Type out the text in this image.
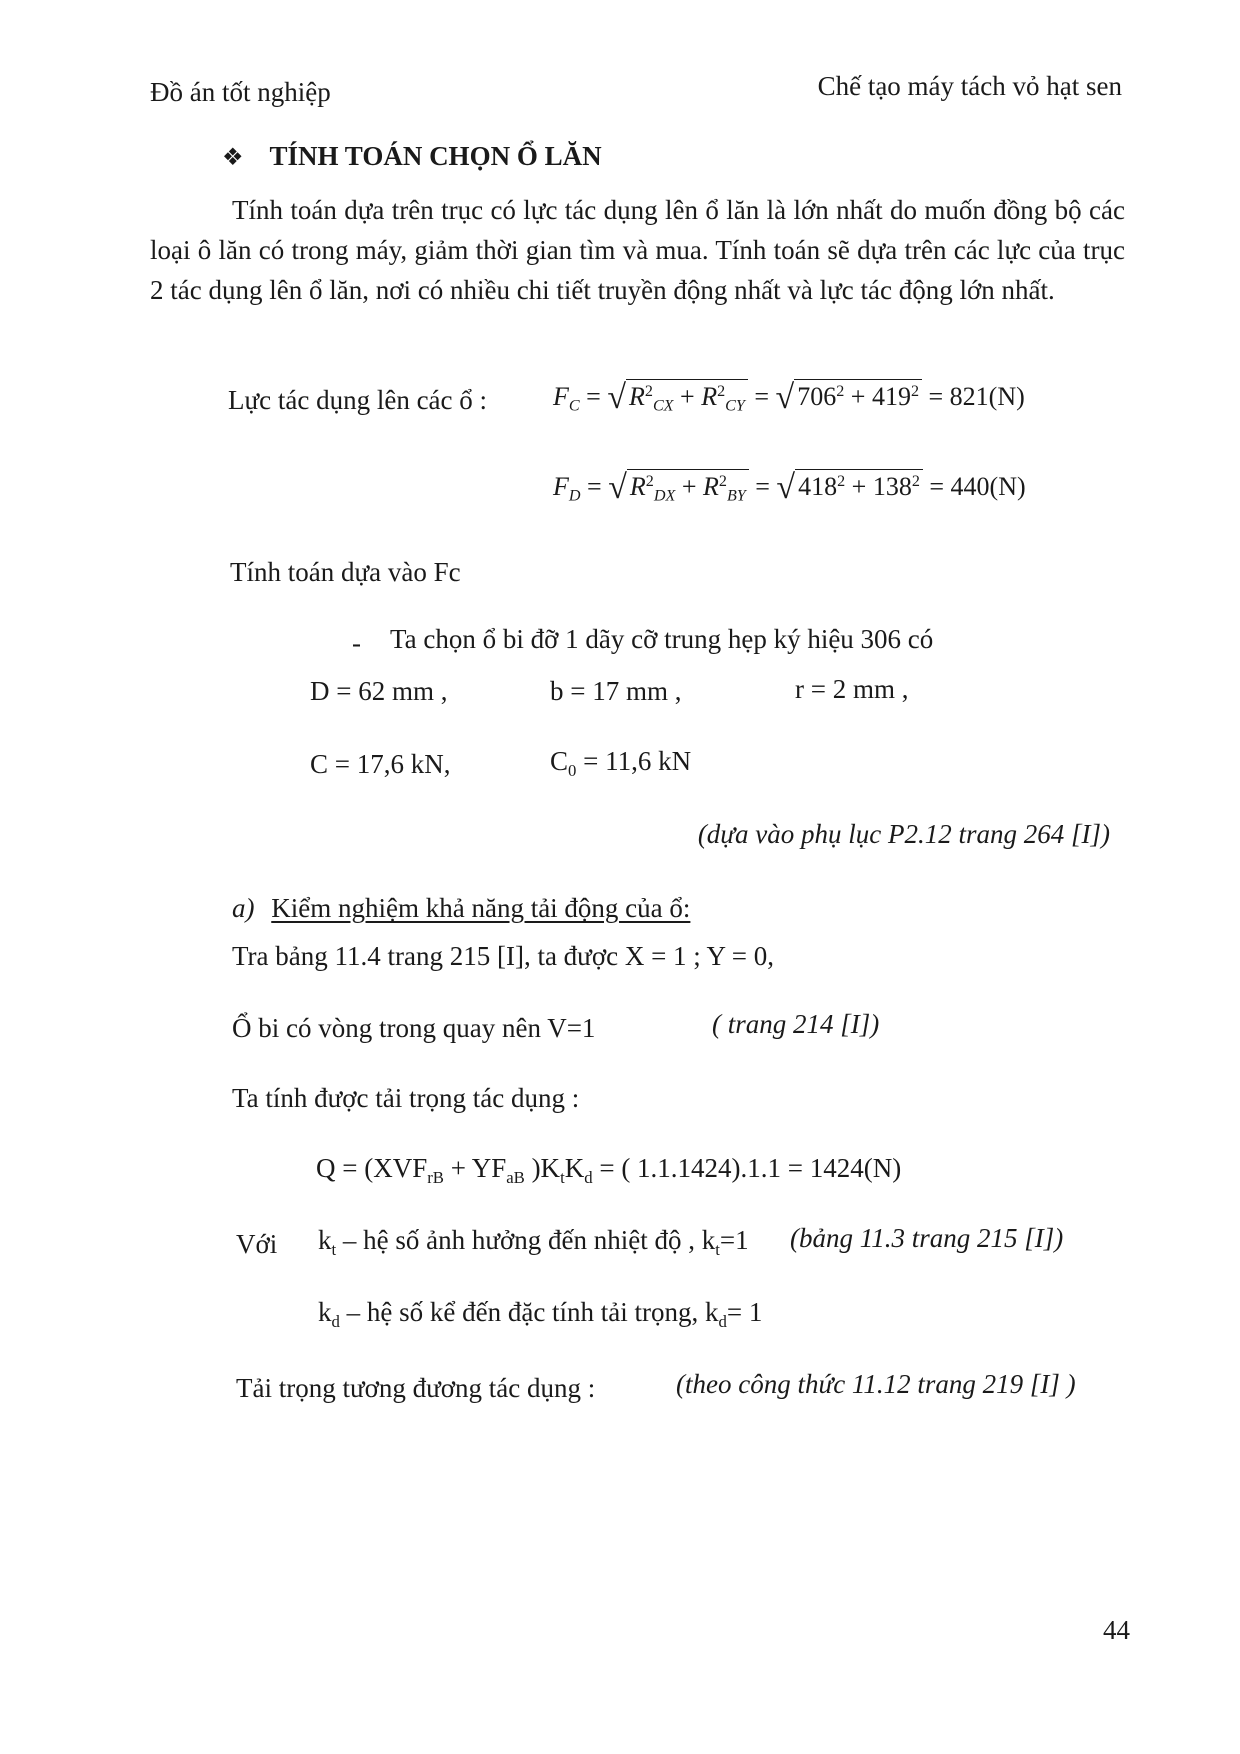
Đồ án tốt nghiệp	Chế tạo máy tách vỏ hạt sen
❖ TÍNH TOÁN CHỌN Ổ LĂN
Tính toán dựa trên trục có lực tác dụng lên ổ lăn là lớn nhất do muốn đồng bộ các loại ô lăn có trong máy, giảm thời gian tìm và mua. Tính toán sẽ dựa trên các lực của trục 2 tác dụng lên ổ lăn, nơi có nhiều chi tiết truyền động nhất và lực tác động lớn nhất.
Lực tác dụng lên các ổ :	$F_C$ = √ $R^2_{CX} + R^2_{CY}$ = √ $706^2 + 419^2 = 821(N)$
$F_D$ = √ $R^2_{DX} + R^2_{BY}$ = √ $418^2 + 138^2 = 440(N)$
Tính toán dựa vào Fc
- Ta chọn ổ bi đỡ 1 dãy cỡ trung hẹp ký hiệu 306 có
D = 62 mm ,	b = 17 mm ,	r = 2 mm ,
C = 17,6 kN,	$C_0 = 11,6$ kN
(dựa vào phụ lục P2.12 trang 264 [I])
a) Kiểm nghiệm khả năng tải động của ổ:
Tra bảng 11.4 trang 215 [I], ta được X = 1 ; Y = 0,
Ổ bi có vòng trong quay nên V=1	( trang 214 [I])
Ta tính được tải trọng tác dụng :
$Q = (XVF_{rB} + YF_{aB}$ )$K_tK_d$ = ( 1.1.1424).1.1 = 1424(N)
Với $k_t$ – hệ số ảnh hưởng đến nhiệt độ , $k_t=1$ (bảng 11.3 trang 215 [I])
$k_d$ – hệ số kể đến đặc tính tải trọng, $k_d= 1$
Tải trọng tương đương tác dụng :	(theo công thức 11.12 trang 219 [I] )
44
